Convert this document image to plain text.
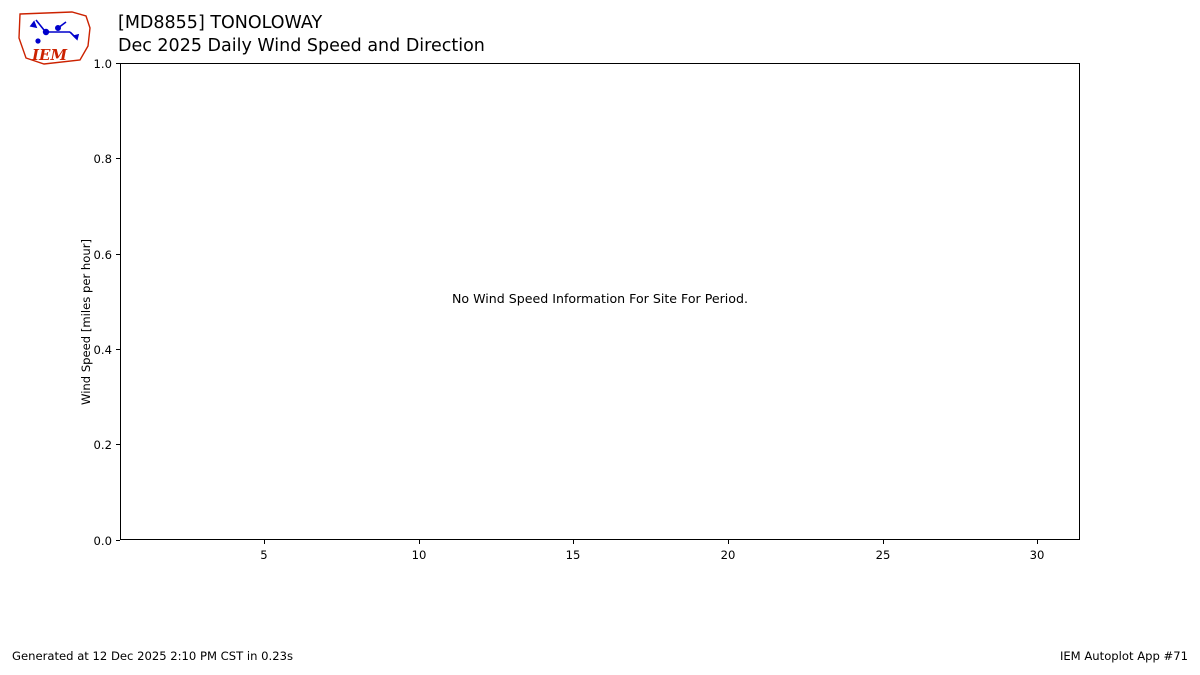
IEM
[MD8855] TONOLOWAY
Dec 2025 Daily Wind Speed and Direction
Wind Speed [miles per hour]
0.0
0.2
0.4
0.6
0.8
1.0
No Wind Speed Information For Site For Period.
5	10	15	20	25	30
Generated at 12 Dec 2025 2:10 PM CST in 0.23s	IEM Autoplot App #71
